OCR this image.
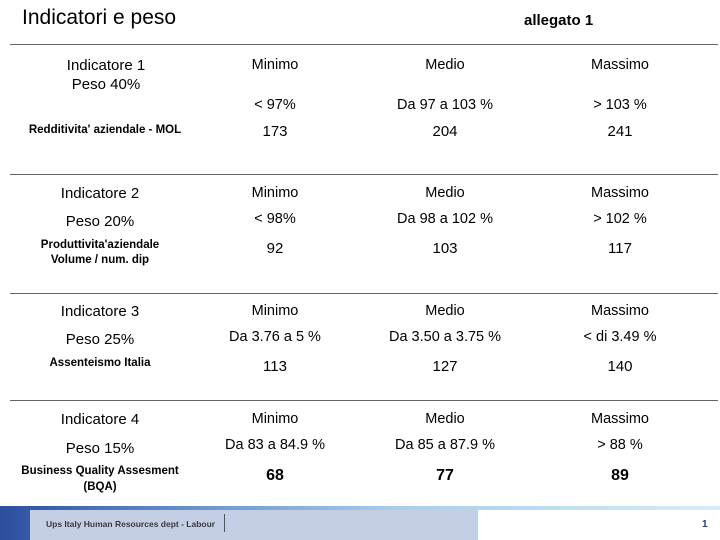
Indicatori e peso	allegato 1
Indicatore 1
Peso 40%
Redditivita' aziendale - MOL
Minimo	Medio	Massimo
< 97%	Da 97 a 103 %	> 103 %
173	204	241
Indicatore 2
Peso 20%
Produttivita'aziendale
Volume / num. dip
Minimo	Medio	Massimo
< 98%	Da 98 a 102 %	> 102 %
92	103	117
Indicatore 3
Peso 25%
Assenteismo Italia
Minimo	Medio	Massimo
Da 3.76 a 5 %	Da 3.50 a 3.75 %	< di 3.49 %
113	127	140
Indicatore 4
Peso 15%
Business Quality Assesment
(BQA)
Minimo	Medio	Massimo
Da 83 a 84.9 %	Da 85 a 87.9 %	> 88 %
68	77	89
Ups Italy Human Resources dept - Labour	1
